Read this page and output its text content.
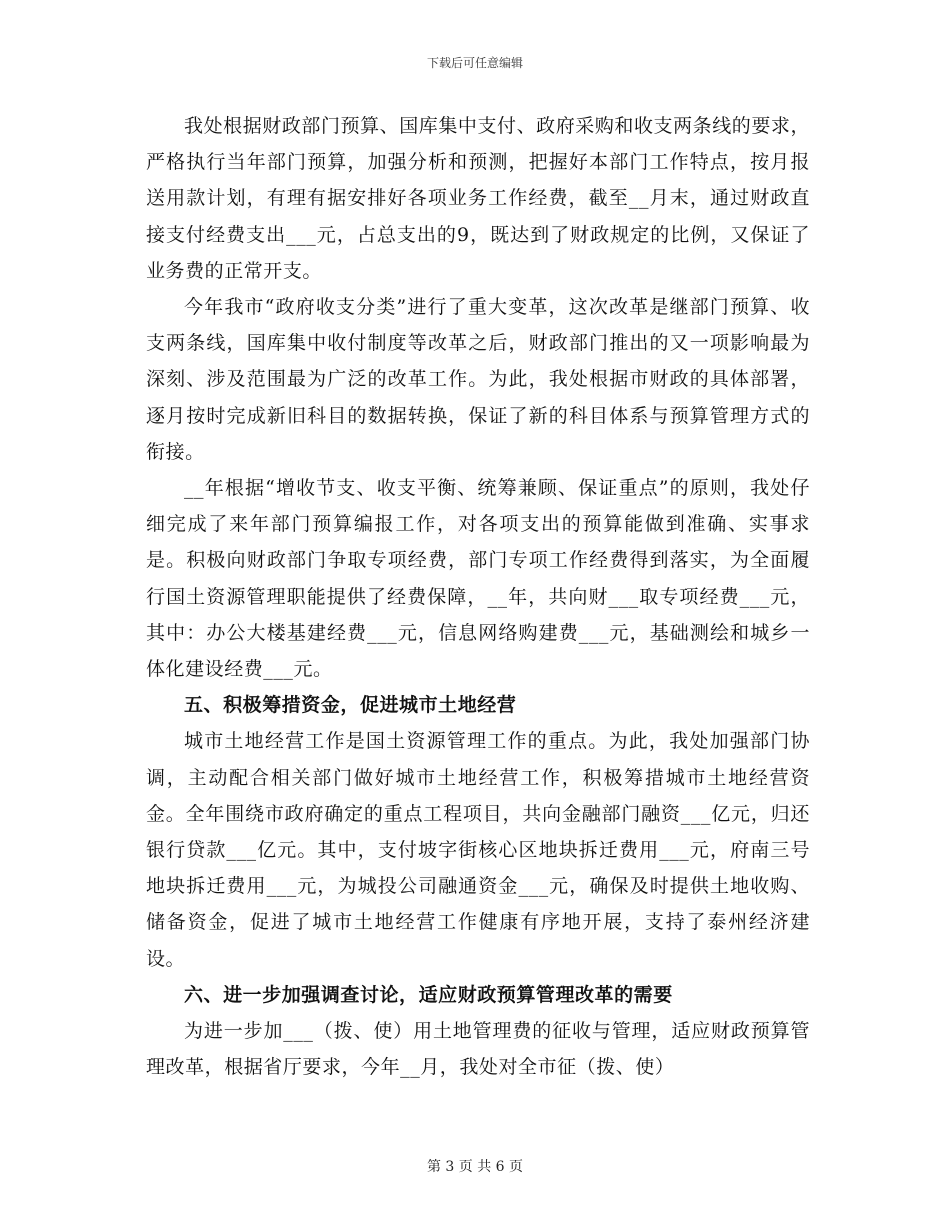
下载后可任意编辑

我处根据财政部门预算、国库集中支付、政府采购和收支两条线的要求，严格执行当年部门预算，加强分析和预测，把握好本部门工作特点，按月报送用款计划，有理有据安排好各项业务工作经费，截至__月末，通过财政直接支付经费支出___元，占总支出的9，既达到了财政规定的比例，又保证了业务费的正常开支。

今年我市“政府收支分类”进行了重大变革，这次改革是继部门预算、收支两条线，国库集中收付制度等改革之后，财政部门推出的又一项影响最为深刻、涉及范围最为广泛的改革工作。为此，我处根据市财政的具体部署，逐月按时完成新旧科目的数据转换，保证了新的科目体系与预算管理方式的衔接。

__年根据“增收节支、收支平衡、统筹兼顾、保证重点”的原则，我处仔细完成了来年部门预算编报工作，对各项支出的预算能做到准确、实事求是。积极向财政部门争取专项经费，部门专项工作经费得到落实，为全面履行国土资源管理职能提供了经费保障，__年，共向财___取专项经费___元，其中：办公大楼基建经费___元，信息网络购建费___元，基础测绘和城乡一体化建设经费___元。

五、积极筹措资金，促进城市土地经营

城市土地经营工作是国土资源管理工作的重点。为此，我处加强部门协调，主动配合相关部门做好城市土地经营工作，积极筹措城市土地经营资金。全年围绕市政府确定的重点工程项目，共向金融部门融资___亿元，归还银行贷款___亿元。其中，支付坡字街核心区地块拆迁费用___元，府南三号地块拆迁费用___元，为城投公司融通资金___元，确保及时提供土地收购、储备资金，促进了城市土地经营工作健康有序地开展，支持了泰州经济建设。

六、进一步加强调查讨论，适应财政预算管理改革的需要

为进一步加___（拨、使）用土地管理费的征收与管理，适应财政预算管理改革，根据省厅要求，今年__月，我处对全市征（拨、使）

第 3 页 共 6 页
